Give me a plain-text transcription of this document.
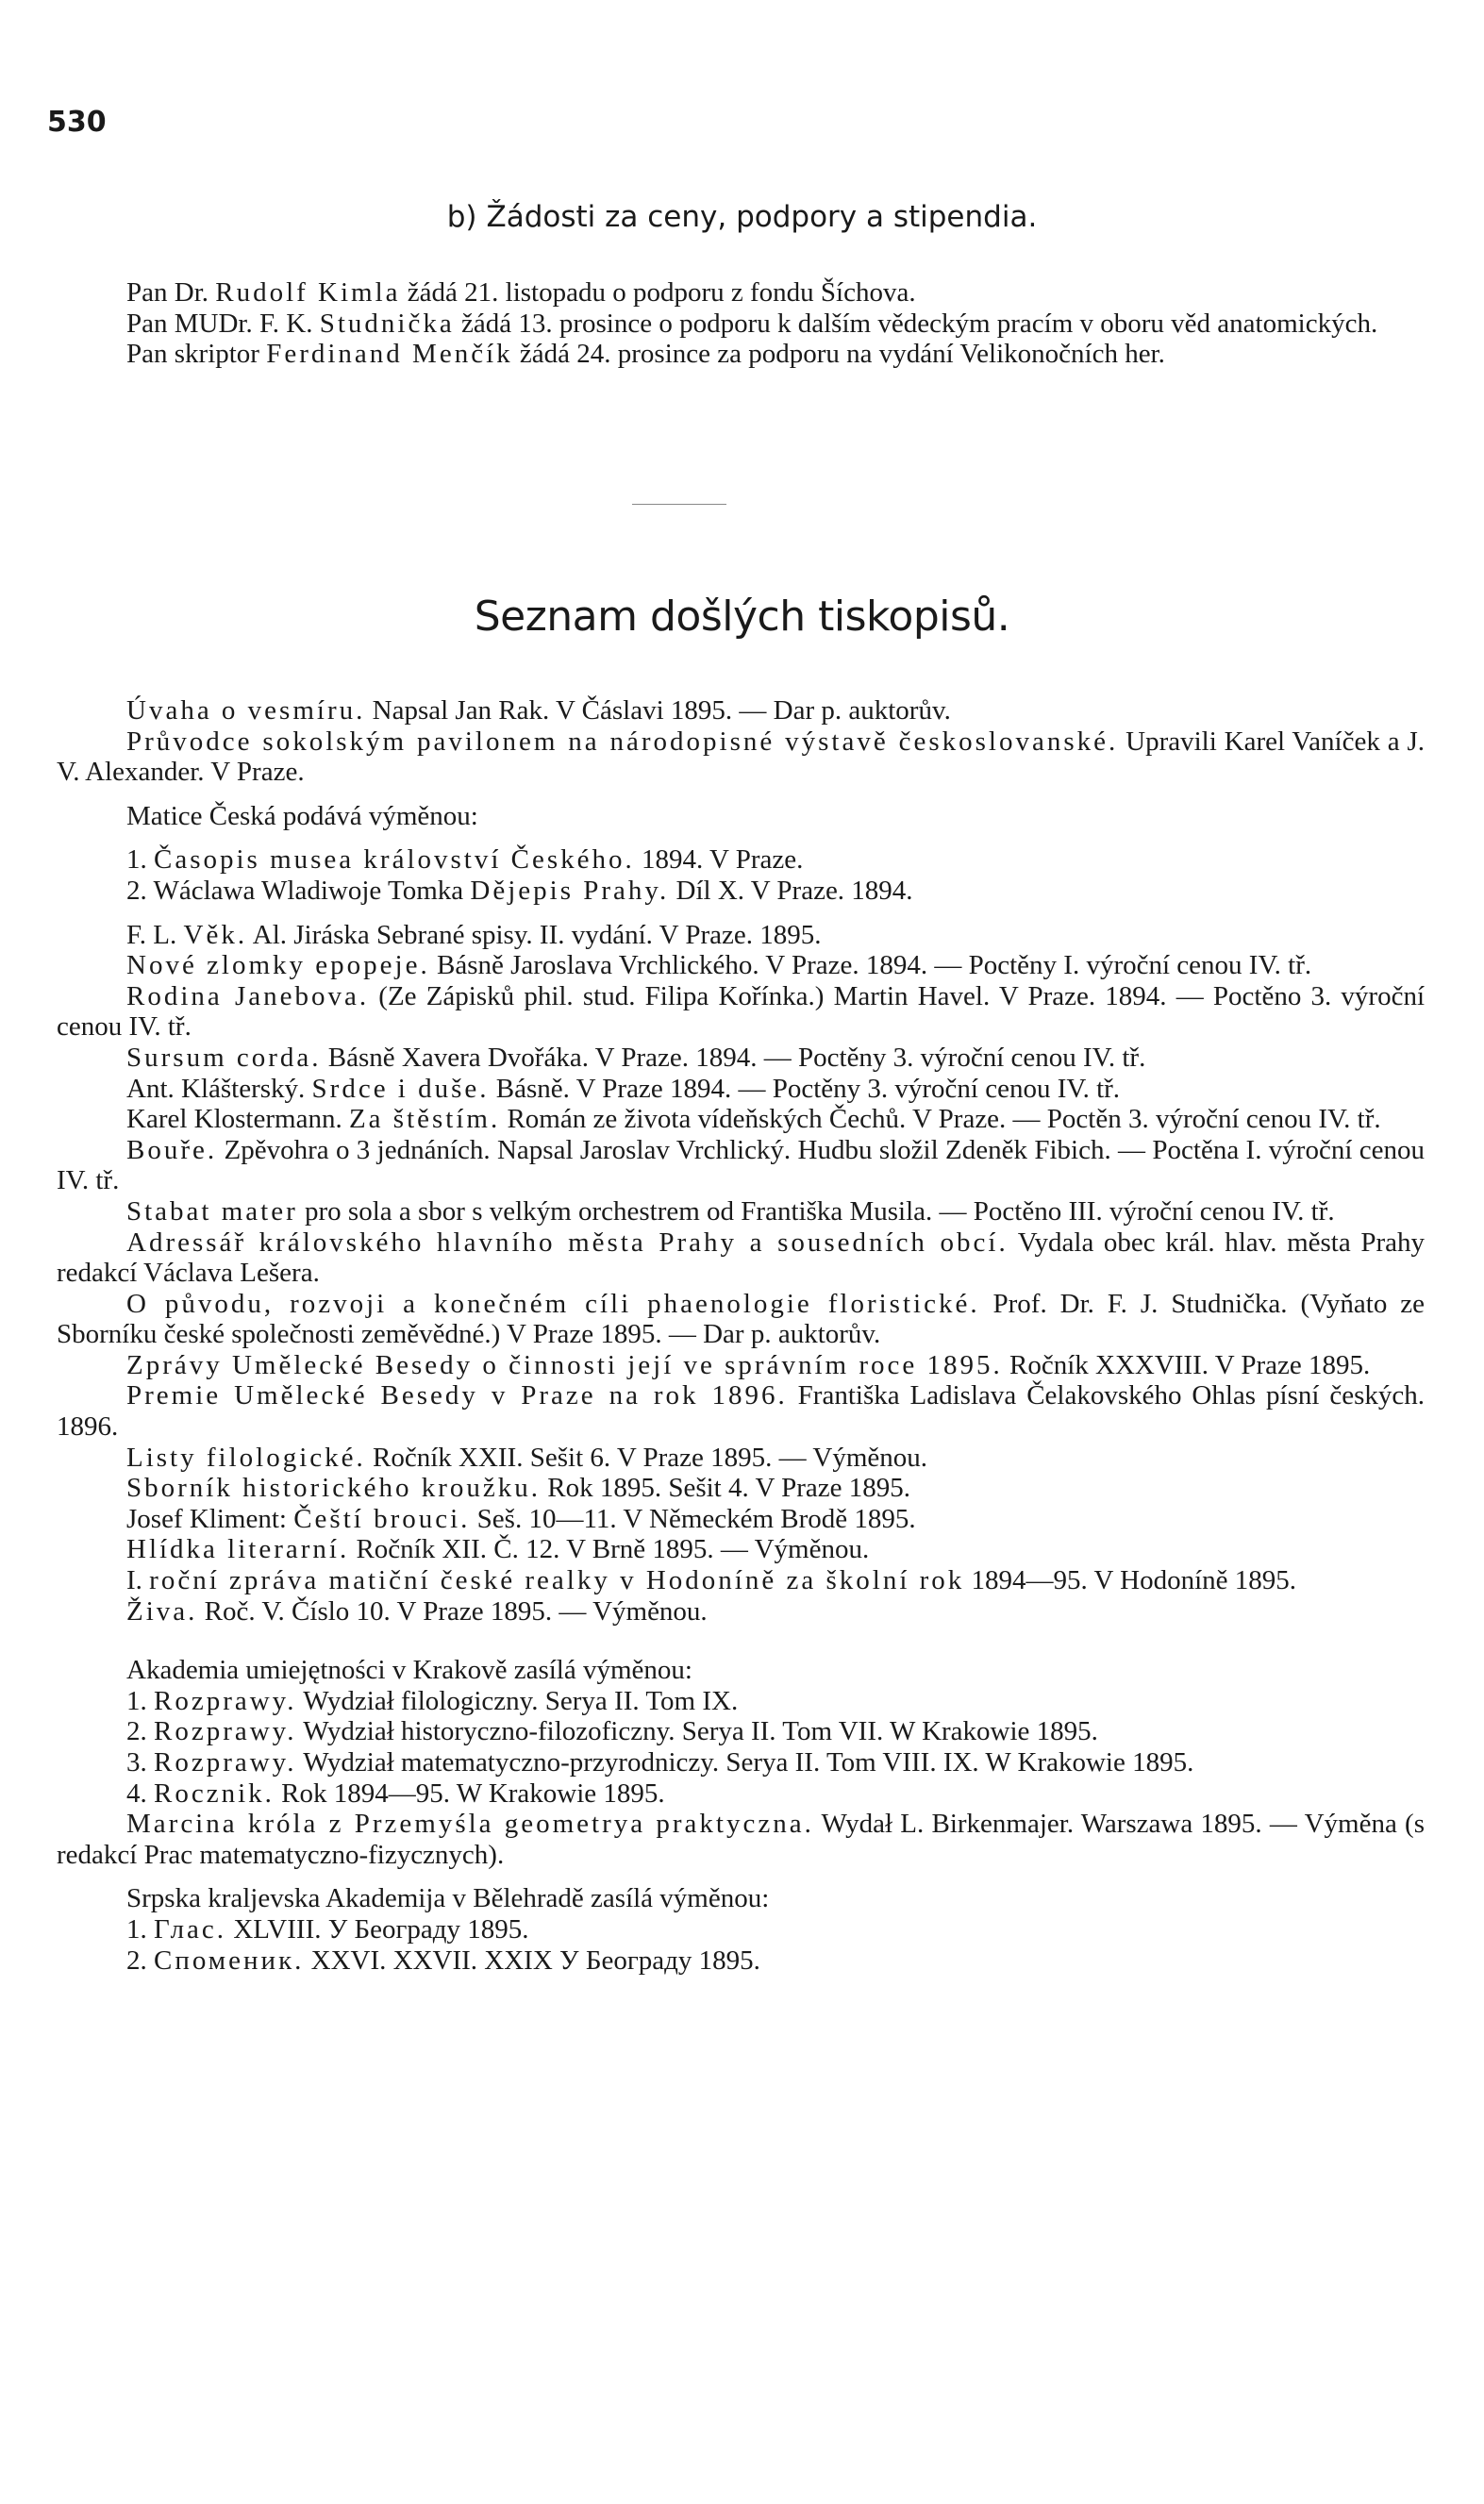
530
b) Žádosti za ceny, podpory a stipendia.

Pan Dr. Rudolf Kimla žádá 21. listopadu o podporu z fondu Šíchova.

Pan MUDr. F. K. Studnička žádá 13. prosince o podporu k dalším vědeckým pracím v oboru věd anatomických.

Pan skriptor Ferdinand Menčík žádá 24. prosince za podporu na vydání Velikonočních her.

Seznam došlých tiskopisů.

Úvaha o vesmíru. Napsal Jan Rak. V Čáslavi 1895. — Dar p. auktorův.

Průvodce sokolským pavilonem na národopisné výstavě českoslovanské. Upravili Karel Vaníček a J. V. Alexander. V Praze.

Matice Česká podává výměnou:

1. Časopis musea království Českého. 1894. V Praze.

2. Wáclawa Wladiwoje Tomka Dějepis Prahy. Díl X. V Praze. 1894.

F. L. Věk. Al. Jiráska Sebrané spisy. II. vydání. V Praze. 1895.

Nové zlomky epopeje. Básně Jaroslava Vrchlického. V Praze. 1894. — Poctěny I. výroční cenou IV. tř.

Rodina Janebova. (Ze Zápisků phil. stud. Filipa Kořínka.) Martin Havel. V Praze. 1894. — Poctěno 3. výroční cenou IV. tř.

Sursum corda. Básně Xavera Dvořáka. V Praze. 1894. — Poctěny 3. výroční cenou IV. tř.

Ant. Klášterský. Srdce i duše. Básně. V Praze 1894. — Poctěny 3. výroční cenou IV. tř.

Karel Klostermann. Za štěstím. Román ze života vídeňských Čechů. V Praze. — Poctěn 3. výroční cenou IV. tř.

Bouře. Zpěvohra o 3 jednáních. Napsal Jaroslav Vrchlický. Hudbu složil Zdeněk Fibich. — Poctěna I. výroční cenou IV. tř.

Stabat mater pro sola a sbor s velkým orchestrem od Františka Musila. — Poctěno III. výroční cenou IV. tř.

Adressář královského hlavního města Prahy a sousedních obcí. Vydala obec král. hlav. města Prahy redakcí Václava Lešera.

O původu, rozvoji a konečném cíli phaenologie floristické. Prof. Dr. F. J. Studnička. (Vyňato ze Sborníku české společnosti zeměvědné.) V Praze 1895. — Dar p. auktorův.

Zprávy Umělecké Besedy o činnosti její ve správním roce 1895. Ročník XXXVIII. V Praze 1895.

Premie Umělecké Besedy v Praze na rok 1896. Františka Ladislava Čelakovského Ohlas písní českých. 1896.

Listy filologické. Ročník XXII. Sešit 6. V Praze 1895. — Výměnou.

Sborník historického kroužku. Rok 1895. Sešit 4. V Praze 1895.

Josef Kliment: Čeští brouci. Seš. 10—11. V Německém Brodě 1895.

Hlídka literarní. Ročník XII. Č. 12. V Brně 1895. — Výměnou.

I. roční zpráva matiční české realky v Hodoníně za školní rok 1894—95. V Hodoníně 1895.

Živa. Roč. V. Číslo 10. V Praze 1895. — Výměnou.

Akademia umiejętności v Krakově zasílá výměnou:

1. Rozprawy. Wydział filologiczny. Serya II. Tom IX.

2. Rozprawy. Wydział historyczno-filozoficzny. Serya II. Tom VII. W Krakowie 1895.

3. Rozprawy. Wydział matematyczno-przyrodniczy. Serya II. Tom VIII. IX. W Krakowie 1895.

4. Rocznik. Rok 1894—95. W Krakowie 1895.

Marcina króla z Przemyśla geometrya praktyczna. Wydał L. Birkenmajer. Warszawa 1895. — Výměna (s redakcí Prac matematyczno-fizycznych).

Srpska kraljevska Akademija v Bělehradě zasílá výměnou:

1. Глас. XLVIII. У Београду 1895.

2. Споменик. XXVI. XXVII. XXIX У Београду 1895.
